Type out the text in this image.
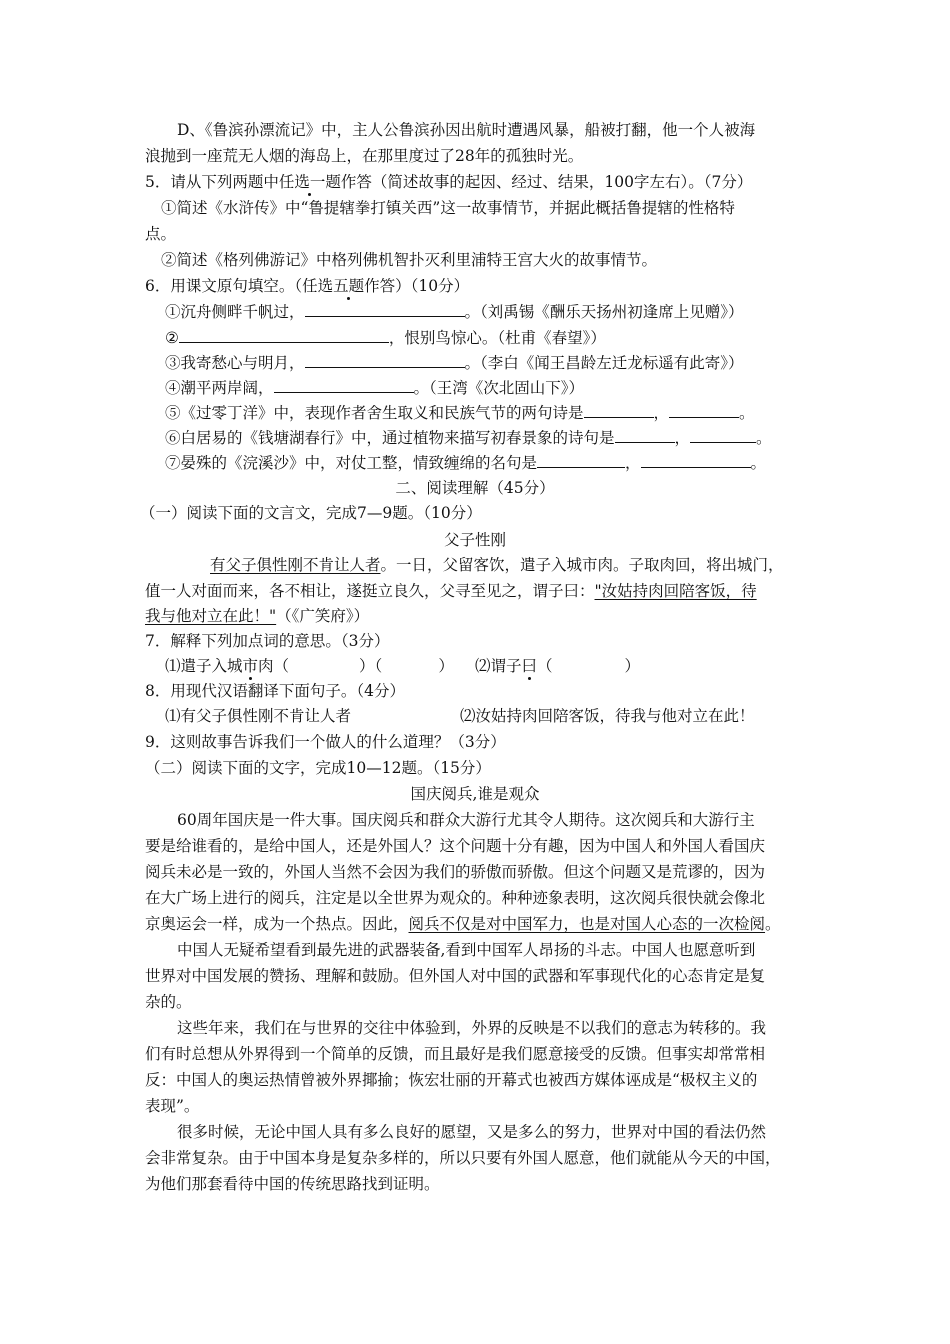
D、《鲁滨孙漂流记》中，主人公鲁滨孙因出航时遭遇风暴，船被打翻，他一个人被海
浪抛到一座荒无人烟的海岛上，在那里度过了28年的孤独时光。
5．请从下列两题中任选一题作答（简述故事的起因、经过、结果，100字左右）。（7分）
①简述《水浒传》中“鲁提辖拳打镇关西”这一故事情节，并据此概括鲁提辖的性格特
点。
②简述《格列佛游记》中格列佛机智扑灭利里浦特王宫大火的故事情节。
6．用课文原句填空。（任选五题作答）（10分）
①沉舟侧畔千帆过，	。（刘禹锡《酬乐天扬州初逢席上见赠》）
②	，恨别鸟惊心。（杜甫《春望》）
③我寄愁心与明月，	。（李白《闻王昌龄左迁龙标遥有此寄》）
④潮平两岸阔，	。（王湾《次北固山下》）
⑤《过零丁洋》中，表现作者舍生取义和民族气节的两句诗是	，	。
⑥白居易的《钱塘湖春行》中，通过植物来描写初春景象的诗句是	，	。
⑦晏殊的《浣溪沙》中，对仗工整，情致缠绵的名句是	，	。
二、阅读理解（45分）
（一）阅读下面的文言文，完成7—9题。（10分）
父子性刚
有父子俱性刚不肯让人者。一日，父留客饮，遣子入城市肉。子取肉回，将出城门，
值一人对面而来，各不相让，遂挺立良久，父寻至见之，谓子曰："汝姑持肉回陪客饭，待
我与他对立在此！"（《广笑府》）
7．解释下列加点词的意思。（3分）
⑴遣子入城市肉（	）（	） ⑵谓子曰（	）
8．用现代汉语翻译下面句子。（4分）
⑴有父子俱性刚不肯让人者	⑵汝姑持肉回陪客饭，待我与他对立在此！
9．这则故事告诉我们一个做人的什么道理？（3分）
（二）阅读下面的文字，完成10—12题。（15分）
国庆阅兵,谁是观众
60周年国庆是一件大事。国庆阅兵和群众大游行尤其令人期待。这次阅兵和大游行主
要是给谁看的，是给中国人，还是外国人？这个问题十分有趣，因为中国人和外国人看国庆
阅兵未必是一致的，外国人当然不会因为我们的骄傲而骄傲。但这个问题又是荒谬的，因为
在大广场上进行的阅兵，注定是以全世界为观众的。种种迹象表明，这次阅兵很快就会像北
京奥运会一样，成为一个热点。因此，阅兵不仅是对中国军力，也是对国人心态的一次检阅。
中国人无疑希望看到最先进的武器装备,看到中国军人昂扬的斗志。中国人也愿意听到
世界对中国发展的赞扬、理解和鼓励。但外国人对中国的武器和军事现代化的心态肯定是复
杂的。
这些年来，我们在与世界的交往中体验到，外界的反映是不以我们的意志为转移的。我
们有时总想从外界得到一个简单的反馈，而且最好是我们愿意接受的反馈。但事实却常常相
反：中国人的奥运热情曾被外界揶揄；恢宏壮丽的开幕式也被西方媒体诬成是“极权主义的
表现”。
很多时候，无论中国人具有多么良好的愿望，又是多么的努力，世界对中国的看法仍然
会非常复杂。由于中国本身是复杂多样的，所以只要有外国人愿意，他们就能从今天的中国，
为他们那套看待中国的传统思路找到证明。
